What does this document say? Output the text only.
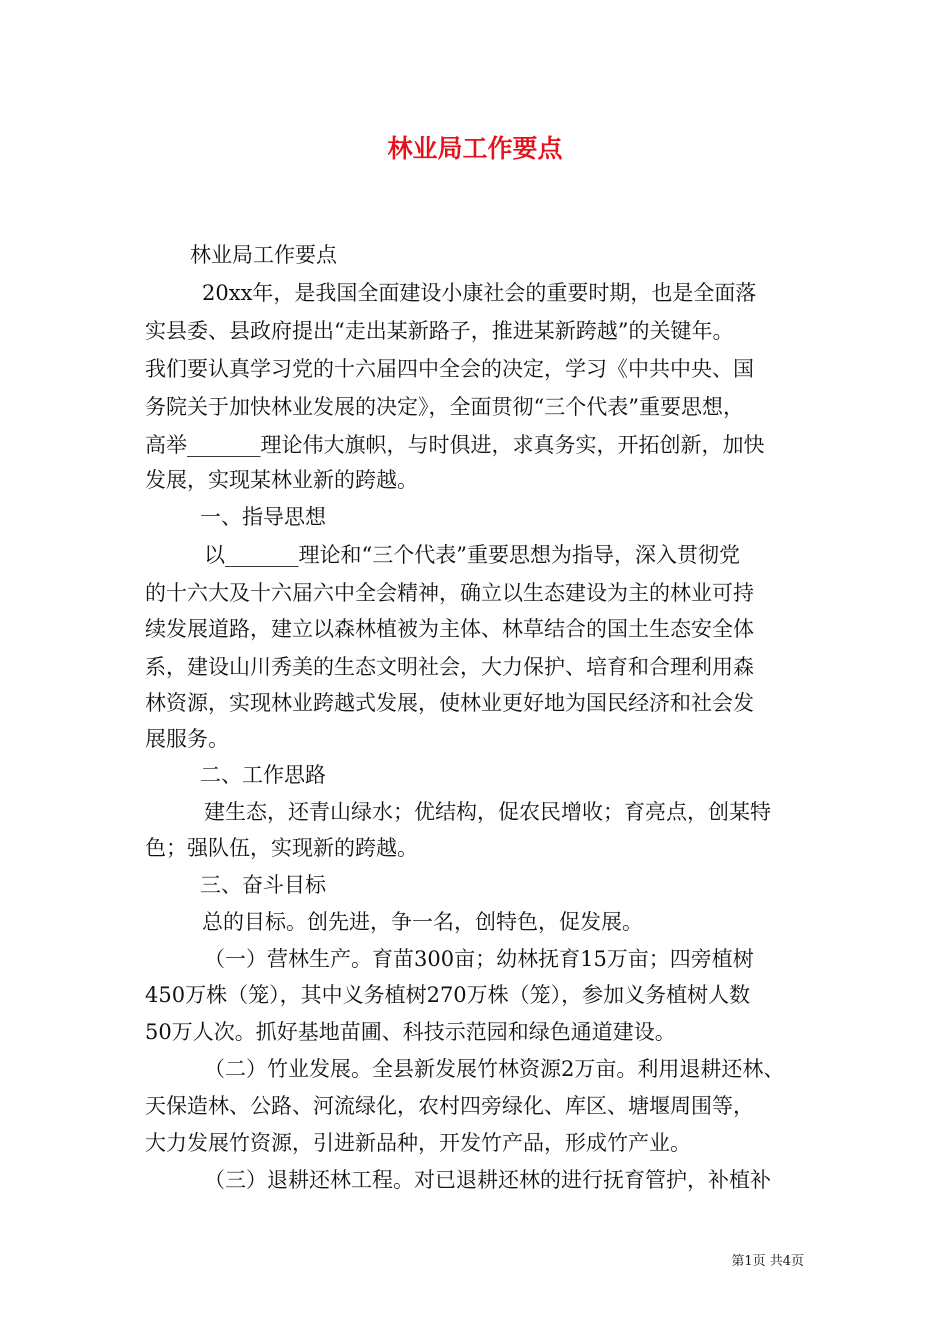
林业局工作要点
林业局工作要点
20xx年，是我国全面建设小康社会的重要时期，也是全面落
实县委、县政府提出“走出某新路子，推进某新跨越”的关键年。
我们要认真学习党的十六届四中全会的决定，学习《中共中央、国
务院关于加快林业发展的决定》，全面贯彻“三个代表”重要思想，
高举_______理论伟大旗帜，与时俱进，求真务实，开拓创新，加快
发展，实现某林业新的跨越。
一、指导思想
以_______理论和“三个代表”重要思想为指导，深入贯彻党
的十六大及十六届六中全会精神，确立以生态建设为主的林业可持
续发展道路，建立以森林植被为主体、林草结合的国土生态安全体
系，建设山川秀美的生态文明社会，大力保护、培育和合理利用森
林资源，实现林业跨越式发展，使林业更好地为国民经济和社会发
展服务。
二、工作思路
建生态，还青山绿水；优结构，促农民增收；育亮点，创某特
色；强队伍，实现新的跨越。
三、奋斗目标
总的目标。创先进，争一名，创特色，促发展。
（一）营林生产。育苗300亩；幼林抚育15万亩；四旁植树
450万株（笼），其中义务植树270万株（笼），参加义务植树人数
50万人次。抓好基地苗圃、科技示范园和绿色通道建设。
（二）竹业发展。全县新发展竹林资源2万亩。利用退耕还林、
天保造林、公路、河流绿化，农村四旁绿化、库区、塘堰周围等，
大力发展竹资源，引进新品种，开发竹产品，形成竹产业。
（三）退耕还林工程。对已退耕还林的进行抚育管护，补植补
第1页 共4页
